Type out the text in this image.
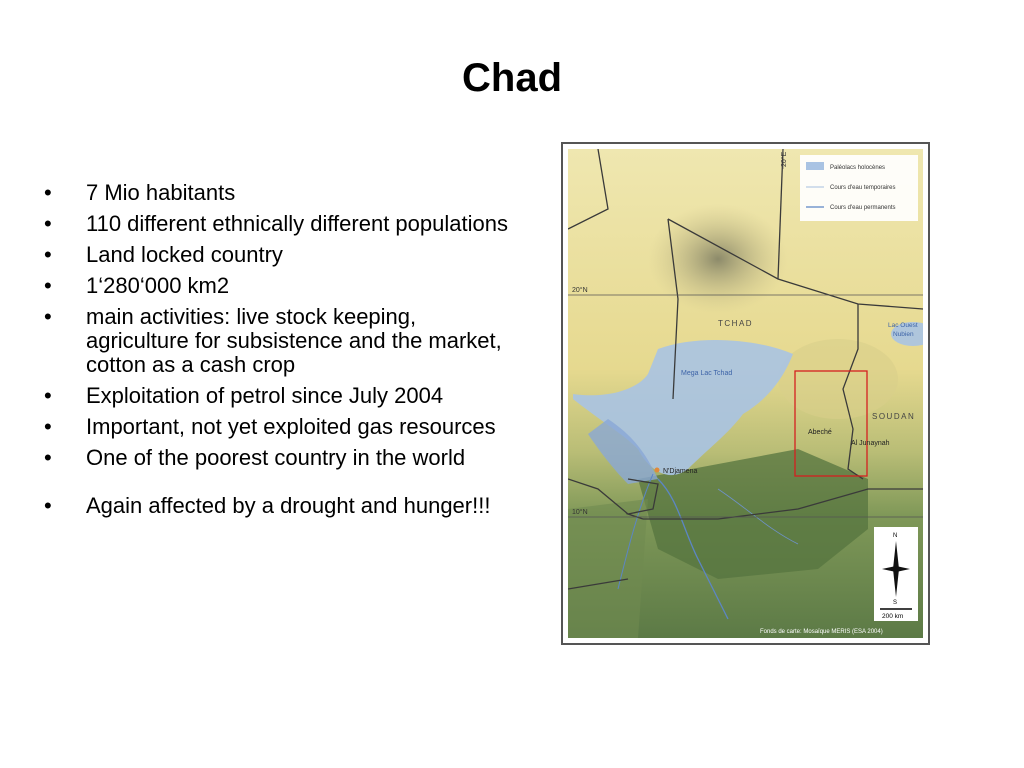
Chad
• 7 Mio habitants
• 110 different ethnically different populations
• Land locked country
• 1‘280‘000 km2
• main activities: live stock keeping, agriculture for subsistence and the market, cotton as a cash crop
• Exploitation of petrol since July 2004
• Important, not yet exploited gas resources
• One of the poorest country in the world
• Again affected by a drought and hunger!!!
20°N
10°N
20°E
TCHAD
SOUDAN
Mega Lac Tchad
Lac Ouest
Nubien
N'Djamena
Abeché
Al Junaynah
Paléolacs holocènes
Cours d'eau temporaires
Cours d'eau permanents
N
S
200 km
Fonds de carte: Mosaïque MERIS (ESA 2004)
